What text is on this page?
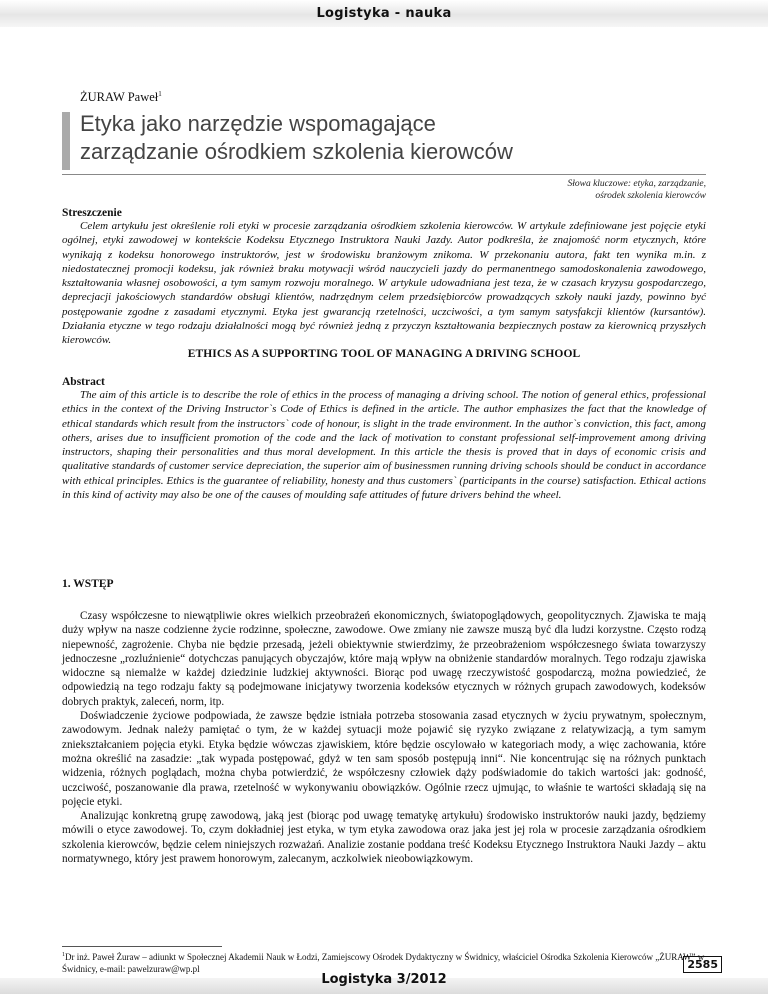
Logistyka - nauka
ŻURAW Paweł$^1$
Etyka jako narzędzie wspomagające
zarządzanie ośrodkiem szkolenia kierowców
Słowa kluczowe: etyka, zarządzanie,
ośrodek szkolenia kierowców
Streszczenie
Celem artykułu jest określenie roli etyki w procesie zarządzania ośrodkiem szkolenia kierowców. W artykule zdefiniowane jest pojęcie etyki ogólnej, etyki zawodowej w kontekście Kodeksu Etycznego Instruktora Nauki Jazdy. Autor podkreśla, że znajomość norm etycznych, które wynikają z kodeksu honorowego instruktorów, jest w środowisku branżowym znikoma. W przekonaniu autora, fakt ten wynika m.in. z niedostatecznej promocji kodeksu, jak również braku motywacji wśród nauczycieli jazdy do permanentnego samodoskonalenia zawodowego, kształtowania własnej osobowości, a tym samym rozwoju moralnego. W artykule udowadniana jest teza, że w czasach kryzysu gospodarczego, deprecjacji jakościowych standardów obsługi klientów, nadrzędnym celem przedsiębiorców prowadzących szkoły nauki jazdy, powinno być postępowanie zgodne z zasadami etycznymi. Etyka jest gwarancją rzetelności, uczciwości, a tym samym satysfakcji klientów (kursantów). Działania etyczne w tego rodzaju działalności mogą być również jedną z przyczyn kształtowania bezpiecznych postaw za kierownicą przyszłych kierowców.
ETHICS AS A SUPPORTING TOOL OF MANAGING A DRIVING SCHOOL
Abstract
The aim of this article is to describe the role of ethics in the process of managing a driving school. The notion of general ethics, professional ethics in the context of the Driving Instructor`s Code of Ethics is defined in the article. The author emphasizes the fact that the knowledge of ethical standards which result from the instructors` code of honour, is slight in the trade environment. In the author`s conviction, this fact, among others, arises due to insufficient promotion of the code and the lack of motivation to constant professional self-improvement among driving instructors, shaping their personalities and thus moral development. In this article the thesis is proved that in days of economic crisis and qualitative standards of customer service depreciation, the superior aim of businessmen running driving schools should be conduct in accordance with ethical principles. Ethics is the guarantee of reliability, honesty and thus customers` (participants in the course) satisfaction. Ethical actions in this kind of activity may also be one of the causes of moulding safe attitudes of future drivers behind the wheel.
1. WSTĘP

Czasy współczesne to niewątpliwie okres wielkich przeobrażeń ekonomicznych, światopoglądowych, geopolitycznych. Zjawiska te mają duży wpływ na nasze codzienne życie rodzinne, społeczne, zawodowe. Owe zmiany nie zawsze muszą być dla ludzi korzystne. Często rodzą niepewność, zagrożenie. Chyba nie będzie przesadą, jeżeli obiektywnie stwierdzimy, że przeobrażeniom współczesnego świata towarzyszy jednoczesne „rozluźnienie“ dotychczas panujących obyczajów, które mają wpływ na obniżenie standardów moralnych. Tego rodzaju zjawiska widoczne są niemalże w każdej dziedzinie ludzkiej aktywności. Biorąc pod uwagę rzeczywistość gospodarczą, można powiedzieć, że odpowiedzią na tego rodzaju fakty są podejmowane inicjatywy tworzenia kodeksów etycznych w różnych grupach zawodowych, kodeksów dobrych praktyk, zaleceń, norm, itp.

Doświadczenie życiowe podpowiada, że zawsze będzie istniała potrzeba stosowania zasad etycznych w życiu prywatnym, społecznym, zawodowym. Jednak należy pamiętać o tym, że w każdej sytuacji może pojawić się ryzyko związane z relatywizacją, a tym samym zniekształcaniem pojęcia etyki. Etyka będzie wówczas zjawiskiem, które będzie oscylowało w kategoriach mody, a więc zachowania, które można określić na zasadzie: „tak wypada postępować, gdyż w ten sam sposób postępują inni“. Nie koncentrując się na różnych punktach widzenia, różnych poglądach, można chyba potwierdzić, że współczesny człowiek dąży podświadomie do takich wartości jak: godność, uczciwość, poszanowanie dla prawa, rzetelność w wykonywaniu obowiązków. Ogólnie rzecz ujmując, to właśnie te wartości składają się na pojęcie etyki.

Analizując konkretną grupę zawodową, jaką jest (biorąc pod uwagę tematykę artykułu) środowisko instruktorów nauki jazdy, będziemy mówili o etyce zawodowej. To, czym dokładniej jest etyka, w tym etyka zawodowa oraz jaka jest jej rola w procesie zarządzania ośrodkiem szkolenia kierowców, będzie celem niniejszych rozważań. Analizie zostanie poddana treść Kodeksu Etycznego Instruktora Nauki Jazdy – aktu normatywnego, który jest prawem honorowym, zalecanym, aczkolwiek nieobowiązkowym.

$^1$Dr inż. Paweł Żuraw – adiunkt w Społecznej Akademii Nauk w Łodzi, Zamiejscowy Ośrodek Dydaktyczny w Świdnicy, właściciel Ośrodka Szkolenia Kierowców „ŻURAW” w Świdnicy, e-mail: pawelzuraw@wp.pl	2585
Logistyka 3/2012
